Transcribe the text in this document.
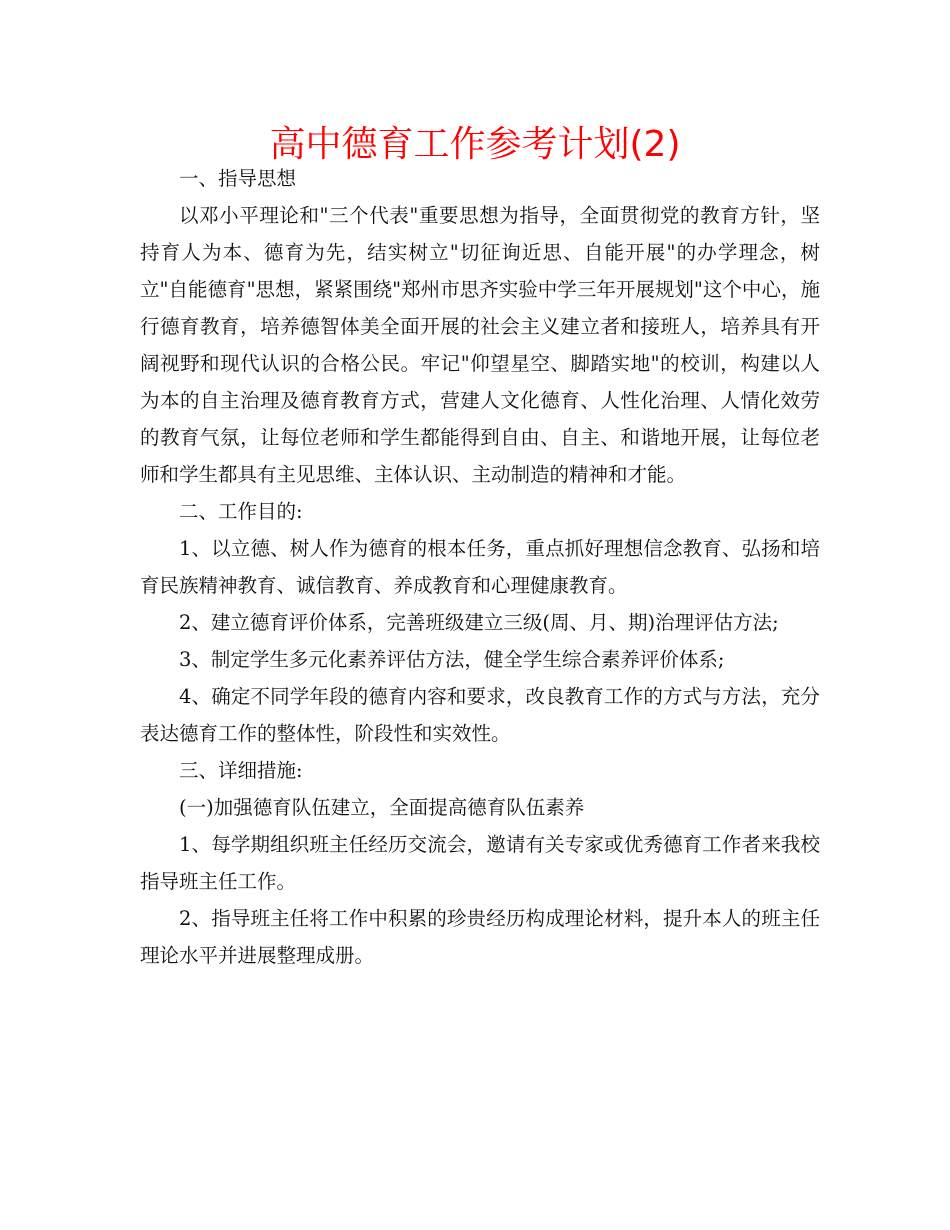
高中德育工作参考计划(2)

一、指导思想

以邓小平理论和"三个代表"重要思想为指导，全面贯彻党的教育方针，坚持育人为本、德育为先，结实树立"切征询近思、自能开展"的办学理念，树立"自能德育"思想，紧紧围绕"郑州市思齐实验中学三年开展规划"这个中心，施行德育教育，培养德智体美全面开展的社会主义建立者和接班人，培养具有开阔视野和现代认识的合格公民。牢记"仰望星空、脚踏实地"的校训，构建以人为本的自主治理及德育教育方式，营建人文化德育、人性化治理、人情化效劳的教育气氛，让每位老师和学生都能得到自由、自主、和谐地开展，让每位老师和学生都具有主见思维、主体认识、主动制造的精神和才能。

二、工作目的:

1、以立德、树人作为德育的根本任务，重点抓好理想信念教育、弘扬和培育民族精神教育、诚信教育、养成教育和心理健康教育。

2、建立德育评价体系，完善班级建立三级(周、月、期)治理评估方法;

3、制定学生多元化素养评估方法，健全学生综合素养评价体系;

4、确定不同学年段的德育内容和要求，改良教育工作的方式与方法，充分表达德育工作的整体性，阶段性和实效性。

三、详细措施:

(一)加强德育队伍建立，全面提高德育队伍素养

1、每学期组织班主任经历交流会，邀请有关专家或优秀德育工作者来我校指导班主任工作。

2、指导班主任将工作中积累的珍贵经历构成理论材料，提升本人的班主任理论水平并进展整理成册。
